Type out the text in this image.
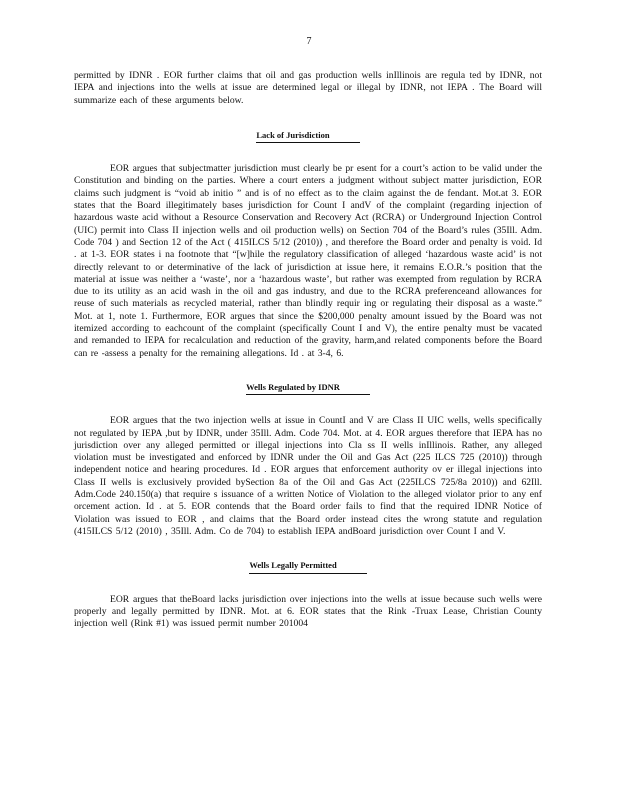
7

permitted by IDNR . EOR further claims that oil and gas production wells inIllinois are regula ted by IDNR, not IEPA and injections into the wells at issue are determined legal or illegal by IDNR, not IEPA . The Board will summarize each of these arguments below.

Lack of Jurisdiction

EOR argues that subjectmatter jurisdiction must clearly be pr esent for a court’s action to be valid under the Constitution and binding on the parties. Where a court enters a judgment without subject matter jurisdiction, EOR claims such judgment is “void ab initio ” and is of no effect as to the claim against the de fendant. Mot.at 3. EOR states that the Board illegitimately bases jurisdiction for Count I andV of the complaint (regarding injection of hazardous waste acid without a Resource Conservation and Recovery Act (RCRA) or Underground Injection Control (UIC) permit into Class II injection wells and oil production wells) on Section 704 of the Board’s rules (35Ill. Adm. Code 704 ) and Section 12 of the Act ( 415ILCS 5/12 (2010)) , and therefore the Board order and penalty is void. Id . at 1-3. EOR states i na footnote that “[w]hile the regulatory classification of alleged ‘hazardous waste acid’ is not directly relevant to or determinative of the lack of jurisdiction at issue here, it remains E.O.R.’s position that the material at issue was neither a ‘waste’, nor a ‘hazardous waste’, but rather was exempted from regulation by RCRA due to its utility as an acid wash in the oil and gas industry, and due to the RCRA preferenceand allowances for reuse of such materials as recycled material, rather than blindly requir ing or regulating their disposal as a waste.” Mot. at 1, note 1. Furthermore, EOR argues that since the $200,000 penalty amount issued by the Board was not itemized according to eachcount of the complaint (specifically Count I and V), the entire penalty must be vacated and remanded to IEPA for recalculation and reduction of the gravity, harm,and related components before the Board can re -assess a penalty for the remaining allegations. Id . at 3-4, 6.

Wells Regulated by IDNR

EOR argues that the two injection wells at issue in CountI and V are Class II UIC wells, wells specifically not regulated by IEPA ,but by IDNR, under 35Ill. Adm. Code 704. Mot. at 4. EOR argues therefore that IEPA has no jurisdiction over any alleged permitted or illegal injections into Cla ss II wells inIllinois. Rather, any alleged violation must be investigated and enforced by IDNR under the Oil and Gas Act (225 ILCS 725 (2010)) through independent notice and hearing procedures. Id . EOR argues that enforcement authority ov er illegal injections into Class II wells is exclusively provided bySection 8a of the Oil and Gas Act (225ILCS 725/8a 2010)) and 62Ill. Adm.Code 240.150(a) that require s issuance of a written Notice of Violation to the alleged violator prior to any enf orcement action. Id . at 5. EOR contends that the Board order fails to find that the required IDNR Notice of Violation was issued to EOR , and claims that the Board order instead cites the wrong statute and regulation (415ILCS 5/12 (2010) , 35Ill. Adm. Co de 704) to establish IEPA andBoard jurisdiction over Count I and V.

Wells Legally Permitted

EOR argues that theBoard lacks jurisdiction over injections into the wells at issue because such wells were properly and legally permitted by IDNR. Mot. at 6. EOR states that the Rink -Truax Lease, Christian County injection well (Rink #1) was issued permit number 201004
